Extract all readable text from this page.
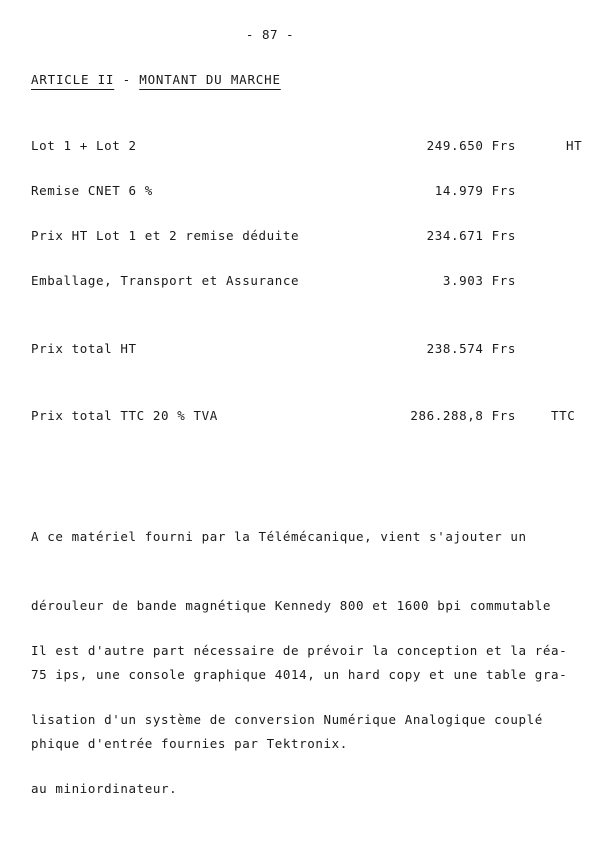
- 87 -
ARTICLE II - MONTANT DU MARCHE
Lot 1 + Lot 2	249.650 Frs	HT
Remise CNET 6 %	14.979 Frs
Prix HT Lot 1 et 2 remise déduite	234.671 Frs
Emballage, Transport et Assurance	3.903 Frs
Prix total HT	238.574 Frs
Prix total TTC 20 % TVA	286.288,8 Frs	TTC

A ce matériel fourni par la Télémécanique, vient s'ajouter un

dérouleur de bande magnétique Kennedy 800 et 1600 bpi commutable

75 ips, une console graphique 4014, un hard copy et une table gra-

phique d'entrée fournies par Tektronix.

Il est d'autre part nécessaire de prévoir la conception et la réa-

lisation d'un système de conversion Numérique Analogique couplé

au miniordinateur.
